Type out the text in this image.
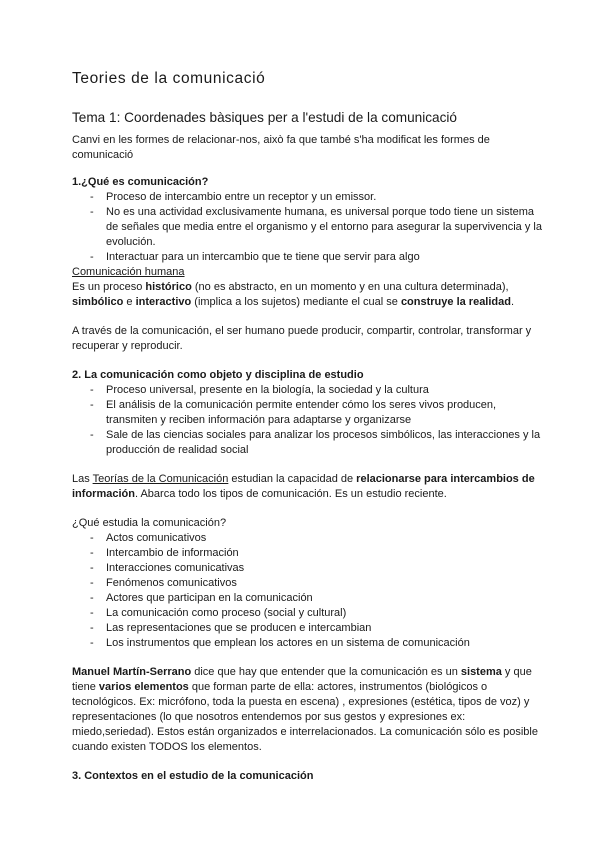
Teories de la comunicació
Tema 1: Coordenades bàsiques per a l'estudi de la comunicació

Canvi en les formes de relacionar-nos, això fa que també s'ha modificat les formes de comunicació

1.¿Qué es comunicación?
- Proceso de intercambio entre un receptor y un emissor.
- No es una actividad exclusivamente humana, es universal porque todo tiene un sistema de señales que media entre el organismo y el entorno para asegurar la supervivencia y la evolución.
- Interactuar para un intercambio que te tiene que servir para algo

Comunicación humana

Es un proceso histórico (no es abstracto, en un momento y en una cultura determinada), simbólico e interactivo (implica a los sujetos) mediante el cual se construye la realidad.

A través de la comunicación, el ser humano puede producir, compartir, controlar, transformar y recuperar y reproducir.

2. La comunicación como objeto y disciplina de estudio
- Proceso universal, presente en la biología, la sociedad y la cultura
- El análisis de la comunicación permite entender cómo los seres vivos producen, transmiten y reciben información para adaptarse y organizarse
- Sale de las ciencias sociales para analizar los procesos simbólicos, las interacciones y la producción de realidad social

Las Teorías de la Comunicación estudian la capacidad de relacionarse para intercambios de información. Abarca todo los tipos de comunicación. Es un estudio reciente.

¿Qué estudia la comunicación?

- Actos comunicativos
- Intercambio de información
- Interacciones comunicativas
- Fenómenos comunicativos
- Actores que participan en la comunicación
- La comunicación como proceso (social y cultural)
- Las representaciones que se producen e intercambian
- Los instrumentos que emplean los actores en un sistema de comunicación

Manuel Martín-Serrano dice que hay que entender que la comunicación es un sistema y que tiene varios elementos que forman parte de ella: actores, instrumentos (biológicos o tecnológicos. Ex: micrófono, toda la puesta en escena) , expresiones (estética, tipos de voz) y representaciones (lo que nosotros entendemos por sus gestos y expresiones ex: miedo,seriedad). Estos están organizados e interrelacionados. La comunicación sólo es posible cuando existen TODOS los elementos.

3. Contextos en el estudio de la comunicación
